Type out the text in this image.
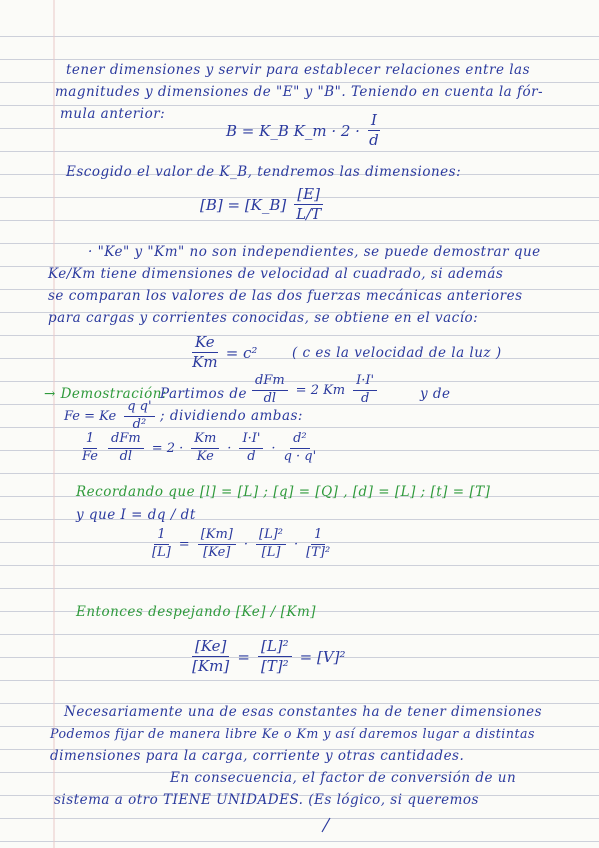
tener dimensiones y servir para establecer relaciones entre las
magnitudes y dimensiones de "E" y "B". Teniendo en cuenta la fór-
mula anterior:
B = K_B K_m · $2 \cdot \frac{I}{d}$
Escogido el valor de K_B, tendremos las dimensiones:
[B] = [K_B] $\frac{[E]}{L/T}$
· "Ke" y "Km" no son independientes, se puede demostrar que
Ke/Km tiene dimensiones de velocidad al cuadrado, si además
se comparan los valores de las dos fuerzas mecánicas anteriores
para cargas y corrientes conocidas, se obtiene en el vacío:
$\frac{Ke}{Km} = c^2$	( c es la velocidad de la luz )
→ Demostración:
Partimos de $\frac{\text{dFm}}{dl} = 2$ Km $\frac{I\cdot I'}{d}$	y de
Fe = Ke $\frac{\text{q q'}}{\text{d²}}$ ; dividiendo ambas:
$\frac{1}{Fe} \frac{\text{dFm}}{dl} = 2 \cdot \frac{Km}{Ke} \cdot \frac{I\cdot I'}{d} \cdot \frac{\text{d²}}{q \cdot q'}$
Recordando que [l] = [L] ; [q] = [Q] , [d] = [L] ; [t] = [T]
y que I = dq / dt
$\frac{1}{[L]} = \frac{[Km]}{[Ke]} \cdot \frac{\text{[L]²}}{[L]} \cdot \frac{1}{\text{[T]²}}$
Entonces despejando [Ke] / [Km]
$\frac{[Ke]}{[Km]} = \frac{\text{[L]²}}{\text{[T]²}} = [V]^2$
Necesariamente una de esas constantes ha de tener dimensiones
Podemos fijar de manera libre Ke o Km y así daremos lugar a distintas
dimensiones para la carga, corriente y otras cantidades.
En consecuencia, el factor de conversión de un
sistema a otro TIENE UNIDADES. (Es lógico, si queremos
